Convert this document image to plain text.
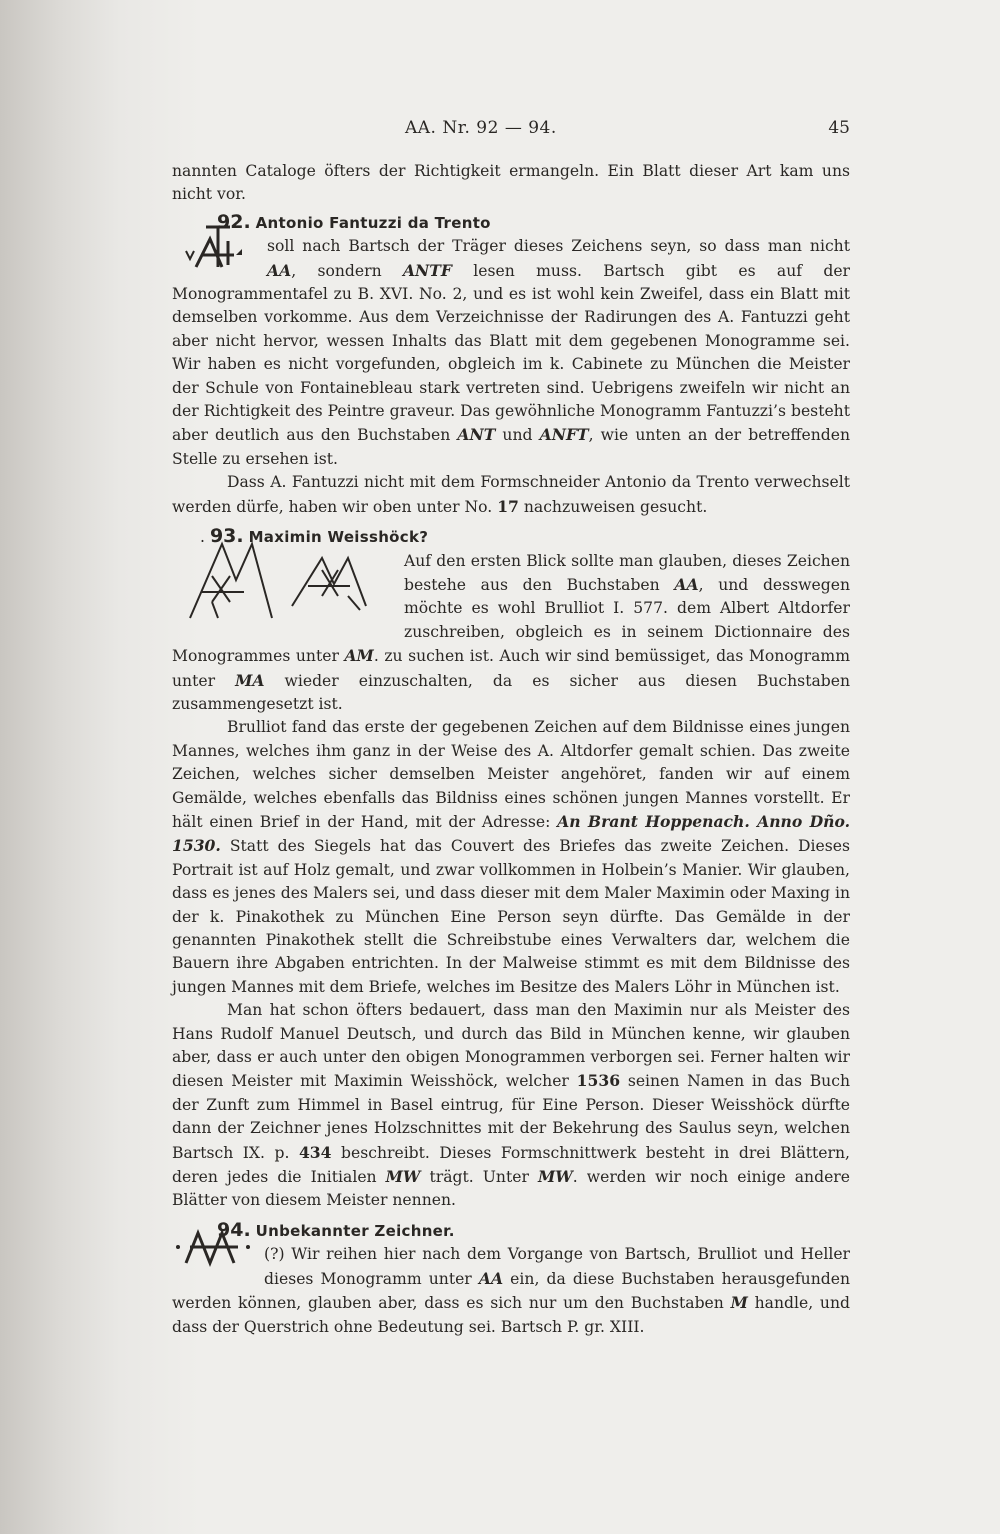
AA. Nr. 92 — 94.	45

nannten Cataloge öfters der Richtigkeit ermangeln. Ein Blatt dieser Art kam uns nicht vor.

92. Antonio Fantuzzi da Trento
soll nach Bartsch der Träger dieses Zeichens seyn, so dass man nicht AA, sondern ANTF lesen muss. Bartsch gibt es auf der Monogrammentafel zu B. XVI. No. 2, und es ist wohl kein Zweifel, dass ein Blatt mit demselben vorkomme. Aus dem Verzeichnisse der Radirungen des A. Fantuzzi geht aber nicht hervor, wessen Inhalts das Blatt mit dem gegebenen Monogramme sei. Wir haben es nicht vorgefunden, obgleich im k. Cabinete zu München die Meister der Schule von Fontainebleau stark vertreten sind. Uebrigens zweifeln wir nicht an der Richtigkeit des Peintre graveur. Das gewöhnliche Monogramm Fantuzzi’s besteht aber deutlich aus den Buchstaben ANT und ANFT, wie unten an der betreffenden Stelle zu ersehen ist.

Dass A. Fantuzzi nicht mit dem Formschneider Antonio da Trento verwechselt werden dürfe, haben wir oben unter No. 17 nachzuweisen gesucht.

. 93. Maximin Weisshöck?
Auf den ersten Blick sollte man glauben, dieses Zeichen bestehe aus den Buchstaben AA, und desswegen möchte es wohl Brulliot I. 577. dem Albert Altdorfer zuschreiben, obgleich es in seinem Dictionnaire des Monogrammes unter AM. zu suchen ist. Auch wir sind bemüssiget, das Monogramm unter MA wieder einzuschalten, da es sicher aus diesen Buchstaben zusammengesetzt ist.

Brulliot fand das erste der gegebenen Zeichen auf dem Bildnisse eines jungen Mannes, welches ihm ganz in der Weise des A. Altdorfer gemalt schien. Das zweite Zeichen, welches sicher demselben Meister angehöret, fanden wir auf einem Gemälde, welches ebenfalls das Bildniss eines schönen jungen Mannes vorstellt. Er hält einen Brief in der Hand, mit der Adresse: An Brant Hoppenach. Anno Dño. 1530. Statt des Siegels hat das Couvert des Briefes das zweite Zeichen. Dieses Portrait ist auf Holz gemalt, und zwar vollkommen in Holbein’s Manier. Wir glauben, dass es jenes des Malers sei, und dass dieser mit dem Maler Maximin oder Maxing in der k. Pinakothek zu München Eine Person seyn dürfte. Das Gemälde in der genannten Pinakothek stellt die Schreibstube eines Verwalters dar, welchem die Bauern ihre Abgaben entrichten. In der Malweise stimmt es mit dem Bildnisse des jungen Mannes mit dem Briefe, welches im Besitze des Malers Löhr in München ist.

Man hat schon öfters bedauert, dass man den Maximin nur als Meister des Hans Rudolf Manuel Deutsch, und durch das Bild in München kenne, wir glauben aber, dass er auch unter den obigen Monogrammen verborgen sei. Ferner halten wir diesen Meister mit Maximin Weisshöck, welcher 1536 seinen Namen in das Buch der Zunft zum Himmel in Basel eintrug, für Eine Person. Dieser Weisshöck dürfte dann der Zeichner jenes Holzschnittes mit der Bekehrung des Saulus seyn, welchen Bartsch IX. p. 434 beschreibt. Dieses Formschnittwerk besteht in drei Blättern, deren jedes die Initialen MW trägt. Unter MW. werden wir noch einige andere Blätter von diesem Meister nennen.

94. Unbekannter Zeichner.
(?) Wir reihen hier nach dem Vorgange von Bartsch, Brulliot und Heller dieses Monogramm unter AA ein, da diese Buchstaben herausgefunden werden können, glauben aber, dass es sich nur um den Buchstaben M handle, und dass der Querstrich ohne Bedeutung sei. Bartsch P. gr. XIII.
